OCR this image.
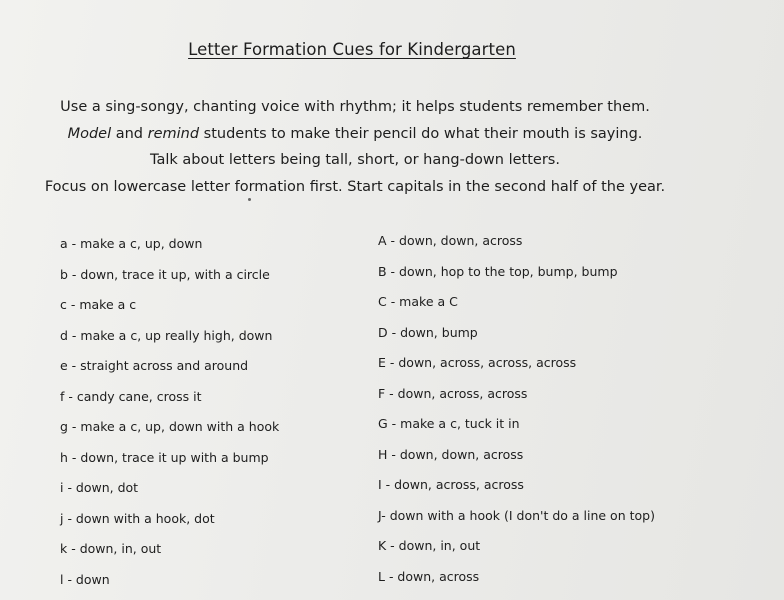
Letter Formation Cues for Kindergarten
Use a sing-songy, chanting voice with rhythm; it helps students remember them.
Model and remind students to make their pencil do what their mouth is saying.
Talk about letters being tall, short, or hang-down letters.
Focus on lowercase letter formation first. Start capitals in the second half of the year.
a - make a c, up, down
b - down, trace it up, with a circle
c - make a c
d - make a c, up really high, down
e - straight across and around
f - candy cane, cross it
g - make a c, up, down with a hook
h - down, trace it up with a bump
i - down, dot
j - down with a hook, dot
k - down, in, out
l - down
A - down, down, across
B - down, hop to the top, bump, bump
C - make a C
D - down, bump
E - down, across, across, across
F - down, across, across
G - make a c, tuck it in
H - down, down, across
I - down, across, across
J- down with a hook (I don't do a line on top)
K - down, in, out
L - down, across
